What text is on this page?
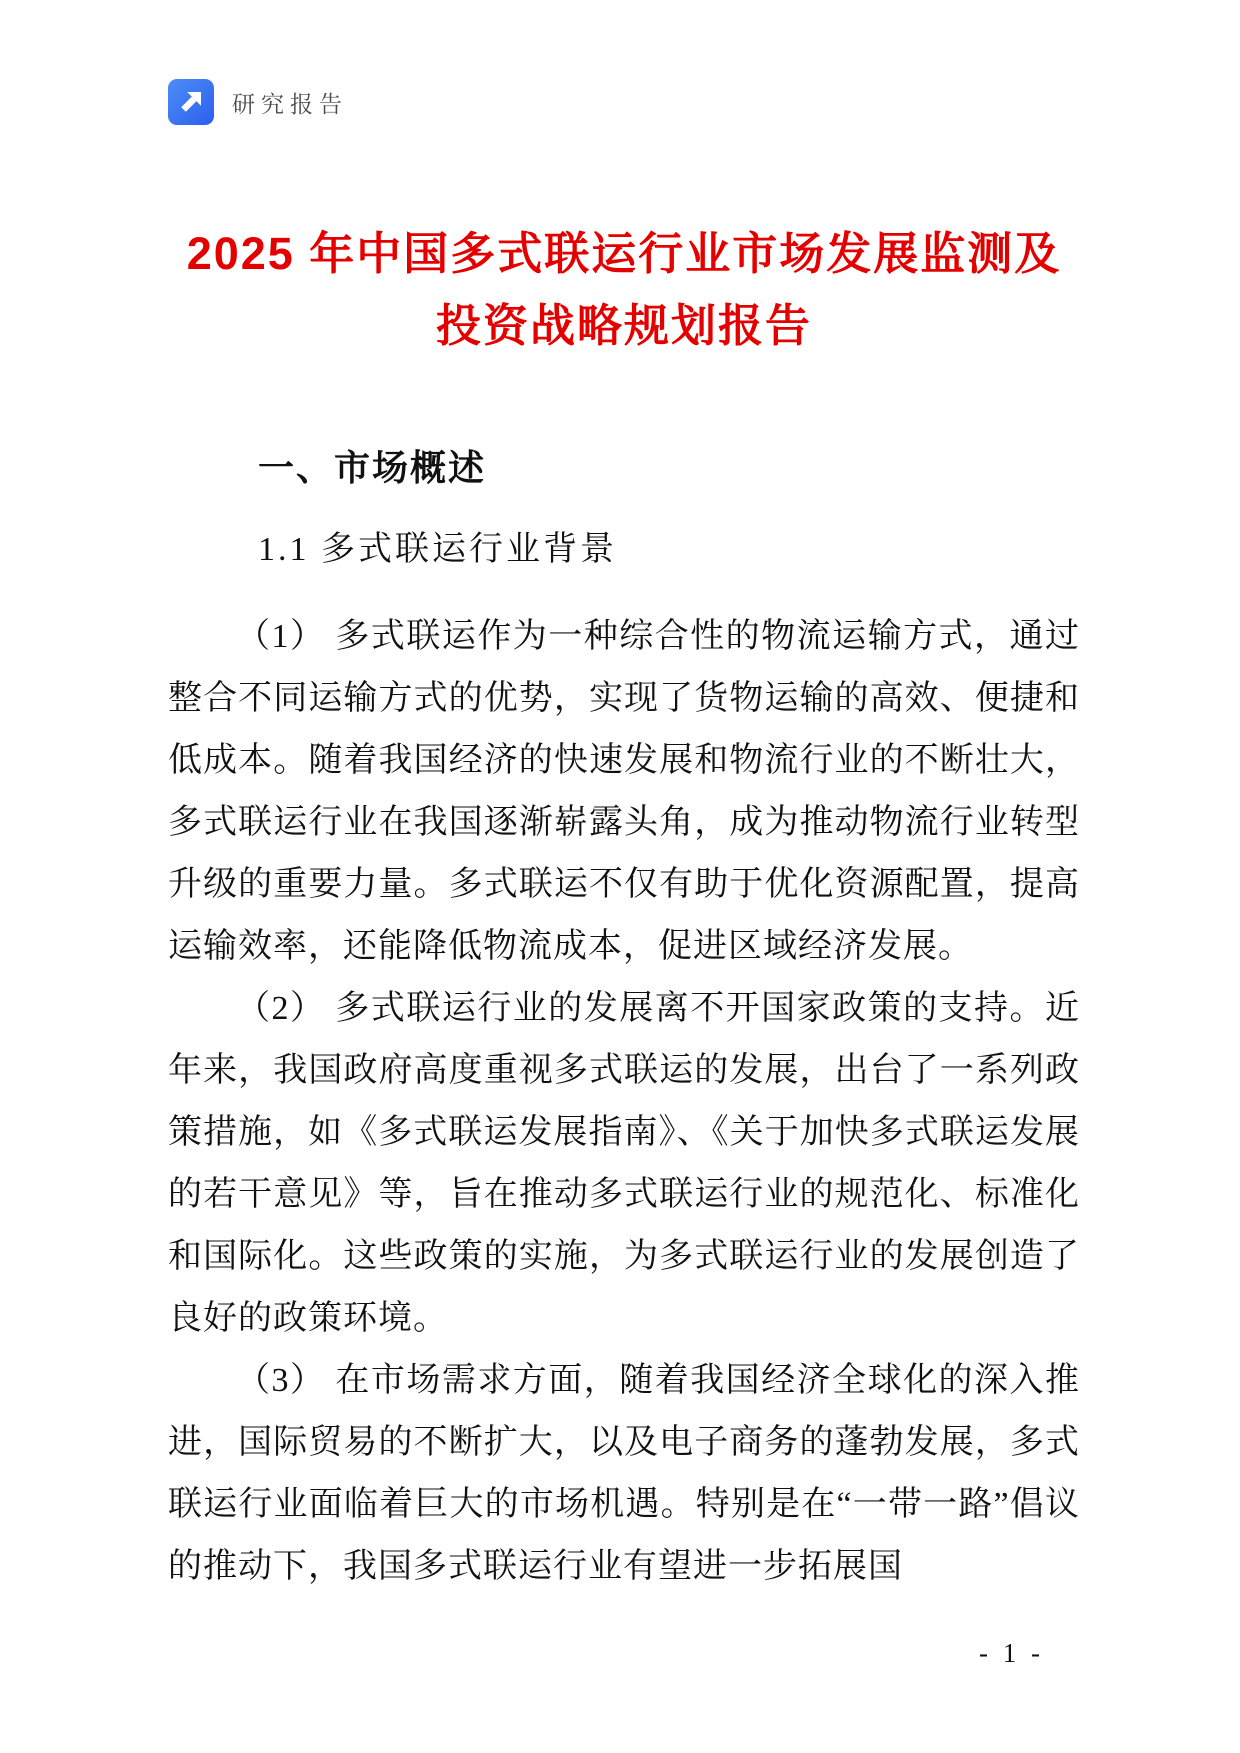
研究报告
2025 年中国多式联运行业市场发展监测及
投资战略规划报告
一、市场概述
1.1 多式联运行业背景

（1） 多式联运作为一种综合性的物流运输方式，通过整合不同运输方式的优势，实现了货物运输的高效、便捷和低成本。随着我国经济的快速发展和物流行业的不断壮大，多式联运行业在我国逐渐崭露头角，成为推动物流行业转型升级的重要力量。多式联运不仅有助于优化资源配置，提高运输效率，还能降低物流成本，促进区域经济发展。

（2） 多式联运行业的发展离不开国家政策的支持。近年来，我国政府高度重视多式联运的发展，出台了一系列政策措施，如《多式联运发展指南》、《关于加快多式联运发展的若干意见》等，旨在推动多式联运行业的规范化、标准化和国际化。这些政策的实施，为多式联运行业的发展创造了良好的政策环境。

（3） 在市场需求方面，随着我国经济全球化的深入推进，国际贸易的不断扩大，以及电子商务的蓬勃发展，多式联运行业面临着巨大的市场机遇。特别是在“一带一路”倡议的推动下，我国多式联运行业有望进一步拓展国

- 1 -
